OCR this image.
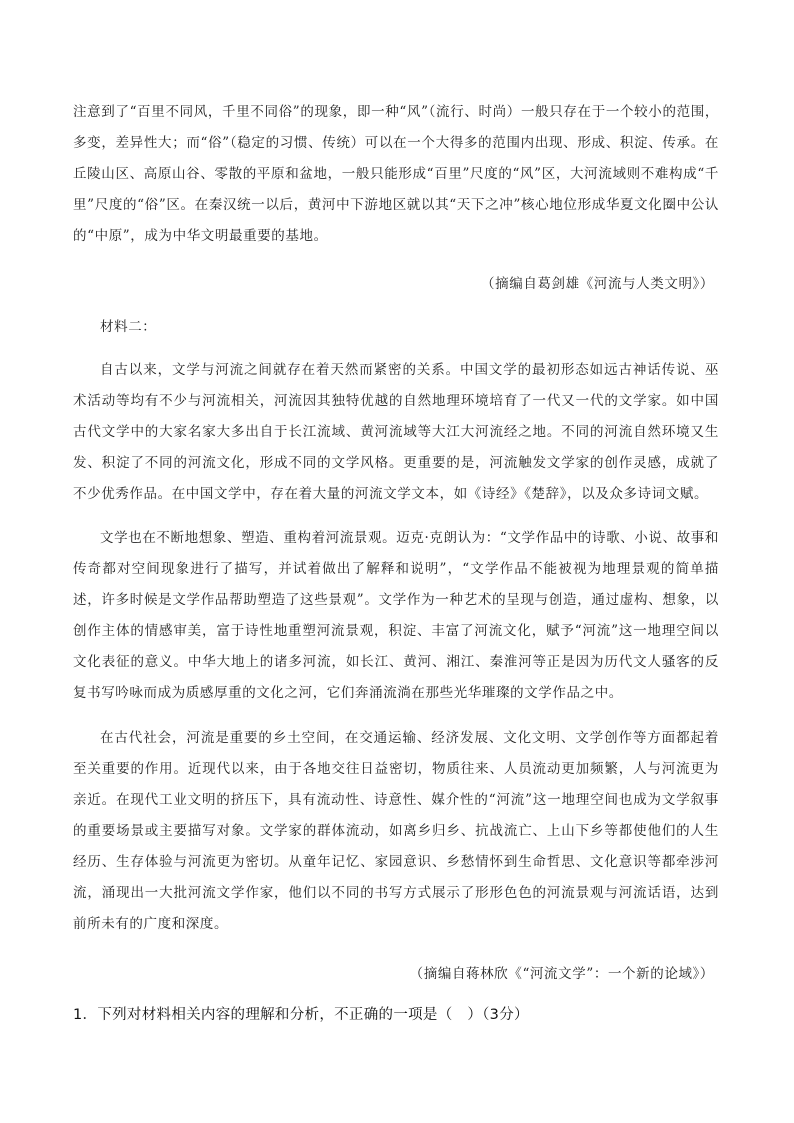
注意到了“百里不同风，千里不同俗”的现象，即一种“风”（流行、时尚）一般只存在于一个较小的范围，多变，差异性大；而“俗”（稳定的习惯、传统）可以在一个大得多的范围内出现、形成、积淀、传承。在丘陵山区、高原山谷、零散的平原和盆地，一般只能形成“百里”尺度的“风”区，大河流域则不难构成“千里”尺度的“俗”区。在秦汉统一以后，黄河中下游地区就以其“天下之冲”核心地位形成华夏文化圈中公认的“中原”，成为中华文明最重要的基地。

（摘编自葛剑雄《河流与人类文明》）

材料二：

自古以来，文学与河流之间就存在着天然而紧密的关系。中国文学的最初形态如远古神话传说、巫术活动等均有不少与河流相关，河流因其独特优越的自然地理环境培育了一代又一代的文学家。如中国古代文学中的大家名家大多出自于长江流域、黄河流域等大江大河流经之地。不同的河流自然环境又生发、积淀了不同的河流文化，形成不同的文学风格。更重要的是，河流触发文学家的创作灵感，成就了不少优秀作品。在中国文学中，存在着大量的河流文学文本，如《诗经》《楚辞》，以及众多诗词文赋。

文学也在不断地想象、塑造、重构着河流景观。迈克·克朗认为：“文学作品中的诗歌、小说、故事和传奇都对空间现象进行了描写，并试着做出了解释和说明”，“文学作品不能被视为地理景观的简单描述，许多时候是文学作品帮助塑造了这些景观”。文学作为一种艺术的呈现与创造，通过虚构、想象，以创作主体的情感审美，富于诗性地重塑河流景观，积淀、丰富了河流文化，赋予“河流”这一地理空间以文化表征的意义。中华大地上的诸多河流，如长江、黄河、湘江、秦淮河等正是因为历代文人骚客的反复书写吟咏而成为质感厚重的文化之河，它们奔涌流淌在那些光华璀璨的文学作品之中。

在古代社会，河流是重要的乡土空间，在交通运输、经济发展、文化文明、文学创作等方面都起着至关重要的作用。近现代以来，由于各地交往日益密切，物质往来、人员流动更加频繁，人与河流更为亲近。在现代工业文明的挤压下，具有流动性、诗意性、媒介性的“河流”这一地理空间也成为文学叙事的重要场景或主要描写对象。文学家的群体流动，如离乡归乡、抗战流亡、上山下乡等都使他们的人生经历、生存体验与河流更为密切。从童年记忆、家园意识、乡愁情怀到生命哲思、文化意识等都牵涉河流，涌现出一大批河流文学作家，他们以不同的书写方式展示了形形色色的河流景观与河流话语，达到前所未有的广度和深度。

（摘编自蒋林欣《“河流文学”：一个新的论域》）

1．下列对材料相关内容的理解和分析，不正确的一项是（　）（3分）
